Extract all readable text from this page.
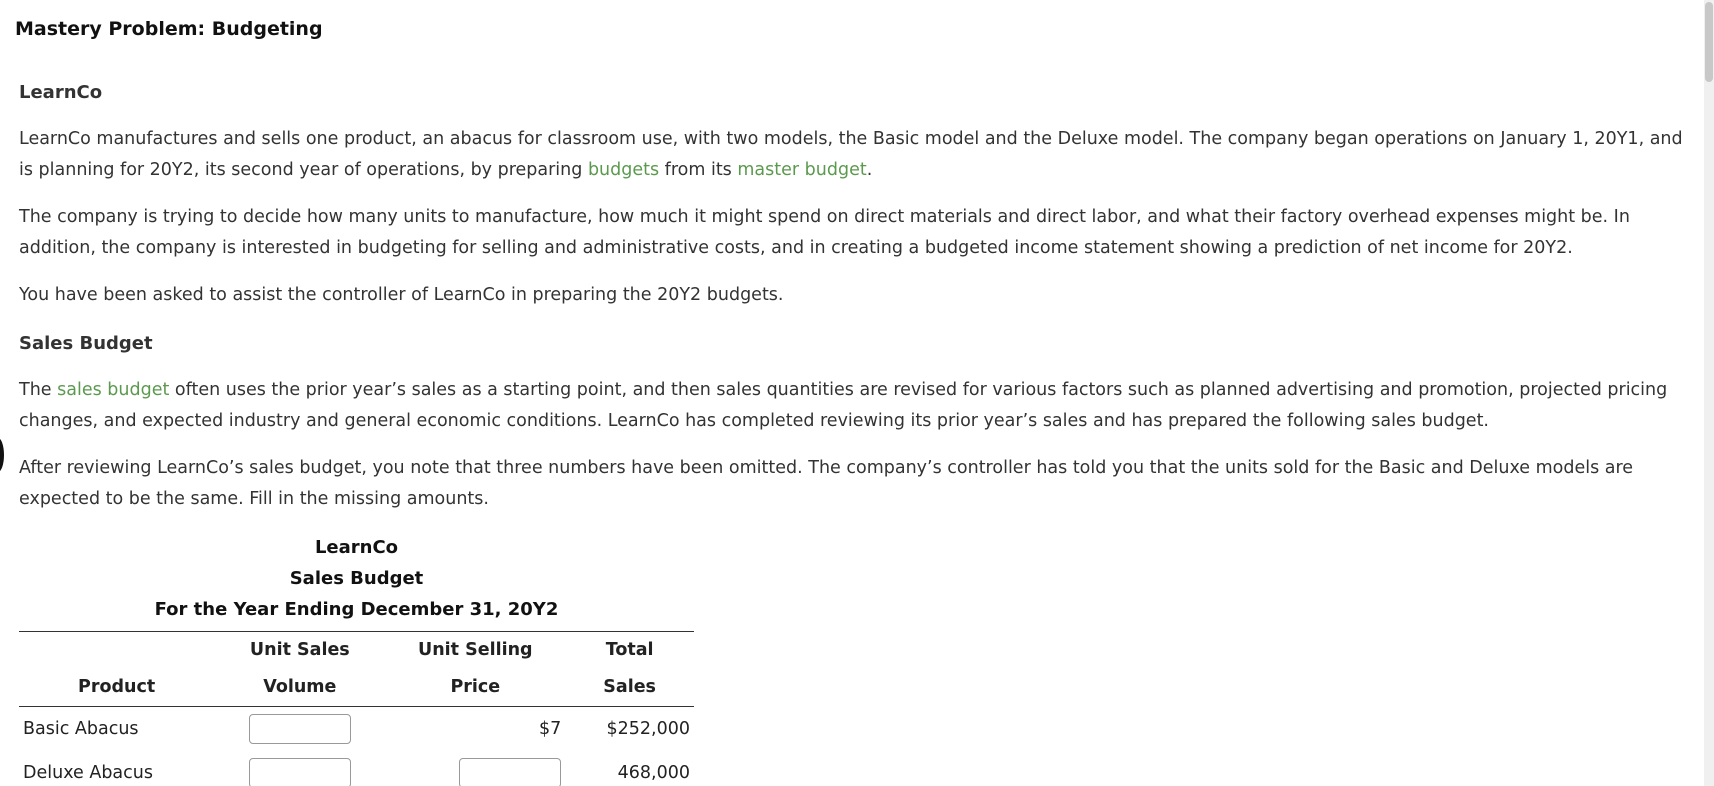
Mastery Problem: Budgeting
LearnCo

LearnCo manufactures and sells one product, an abacus for classroom use, with two models, the Basic model and the Deluxe model. The company began operations on January 1, 20Y1, and is planning for 20Y2, its second year of operations, by preparing budgets from its master budget.

The company is trying to decide how many units to manufacture, how much it might spend on direct materials and direct labor, and what their factory overhead expenses might be. In addition, the company is interested in budgeting for selling and administrative costs, and in creating a budgeted income statement showing a prediction of net income for 20Y2.

You have been asked to assist the controller of LearnCo in preparing the 20Y2 budgets.

Sales Budget

The sales budget often uses the prior year’s sales as a starting point, and then sales quantities are revised for various factors such as planned advertising and promotion, projected pricing changes, and expected industry and general economic conditions. LearnCo has completed reviewing its prior year’s sales and has prepared the following sales budget.

After reviewing LearnCo’s sales budget, you note that three numbers have been omitted. The company’s controller has told you that the units sold for the Basic and Deluxe models are expected to be the same. Fill in the missing amounts.

LearnCo
Sales Budget
For the Year Ending December 31, 20Y2
	Unit Sales	Unit Selling	Total
Product	Volume	Price	Sales
Basic Abacus		$7	$252,000
Deluxe Abacus			468,000
